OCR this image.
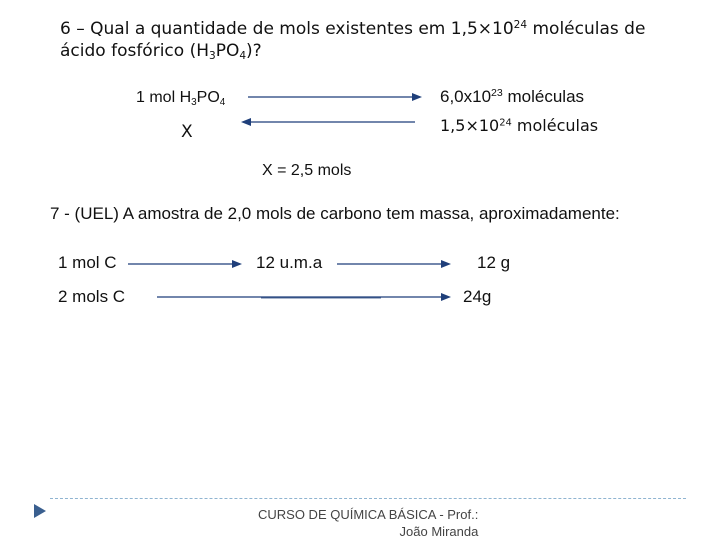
6 – Qual a quantidade de mols existentes em $1,5\times 10^{24}$ moléculas de
ácido fosfórico $(H_3PO_4)$?
1 mol $H_3PO_4$	$6,0x10^{23}$ moléculas
X	$1,5\times 10^{24}$ moléculas
X = 2,5 mols
7 - (UEL) A amostra de 2,0 mols de carbono tem massa, aproximadamente:
1 mol C	12 u.m.a	12 g
2 mols C	24g
CURSO DE QUÍMICA BÁSICA - Prof.:
João Miranda
